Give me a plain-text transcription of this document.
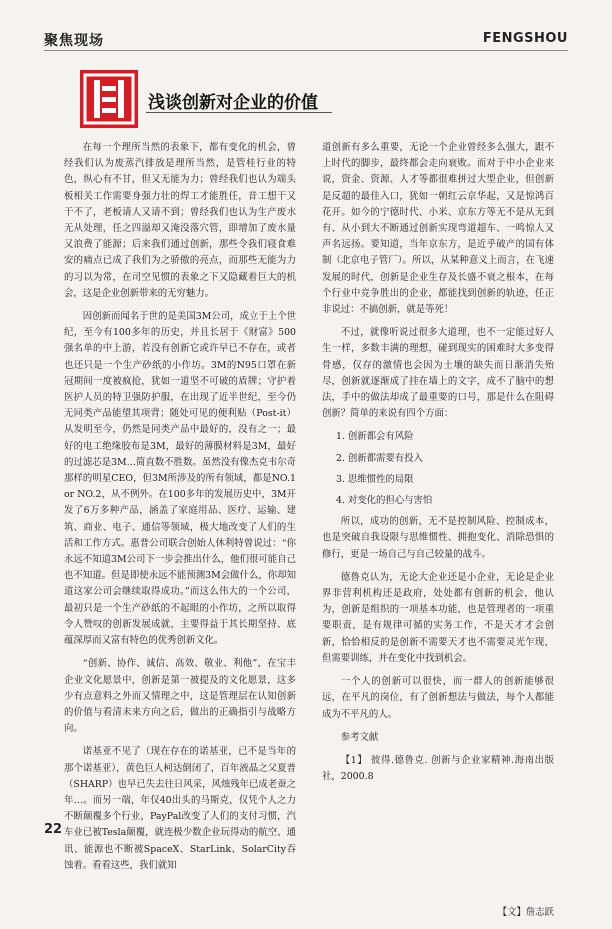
聚焦现场	FENGSHOU
浅谈创新对企业的价值

在每一个理所当然的表象下，都有变化的机会，曾经我们认为废蒸汽排放是理所当然，是管桂行业的特色，纵心有不甘，但又无能为力；曾经我们也认为端头板相关工作需要身强力壮的焊工才能胜任，昔工想干又干不了，老板请人又请不到；曾经我们也认为生产废水无从处理，任之四溢却又淹没落穴管，即增加了废水量又浪费了能源；后来我们通过创新，那些令我们寝食难安的痛点已成了我们为之骄傲的亮点，而那些无能为力的习以为常，在司空见惯的表象之下又隐藏着巨大的机会，这是企业创新带来的无穷魅力。

因创新而闻名于世的是美国3M公司，成立于上个世纪，至今有100多年的历史，并且长居于《财富》500强名单的中上游，若没有创新它或许早已不存在，或者也还只是一个生产砂纸的小作坊。3M的N95口罩在新冠期间一度被疯抢，犹如一道坚不可破的盾牌；守护着医护人员的特卫强防护服，在出现了近半世纪，至今仍无同类产品能望其项背；随处可见的便利贴（Post-it）从发明至今，仍然是同类产品中最好的，没有之一；最好的电工绝缘胶布是3M，最好的薄膜材料是3M，最好的过滤芯是3M…简直数不胜数。虽然没有像杰克韦尔奇那样的明星CEO，但3M所涉及的所有领域，都是NO.1 or NO.2，从不例外。在100多年的发展历史中，3M开发了6万多种产品，涵盖了家庭用品、医疗、运输、建筑、商业、电子、通信等领域，极大地改变了人们的生活和工作方式。惠普公司联合创始人休利特曾说过：“你永远不知道3M公司下一步会推出什么，他们很可能自己也不知道。但是即使永远不能预测3M会做什么，你却知道这家公司会继续取得成功。”而这么伟大的一个公司，最初只是一个生产砂纸的不起眼的小作坊，之所以取得令人赞叹的创新发展成就，主要得益于其长期坚持、底蕴深厚而又富有特色的优秀创新文化。

“创新、协作、诚信、高效、敬业、利他”，在宝丰企业文化愿景中，创新是第一被提及的文化愿景，这多少有点意料之外而又情理之中，这是管理层在认知创新的价值与看清未来方向之后，做出的正确指引与战略方向。

诺基亚不见了（现在存在的诺基亚，已不是当年的那个诺基亚），黄色巨人柯达倒闭了，百年液晶之父夏普（SHARP）也早已失去往日风采，风烛残年已成老蚕之年…。而另一端，年仅40出头的马斯克，仅凭个人之力不断颠覆多个行业，PayPal改变了人们的支付习惯，汽车业已被Tesla颠覆，就连极少数企业玩得动的航空、通讯、能源也不断被SpaceX、StarLink、SolarCity吞蚀着。看看这些，我们就知

道创新有多么重要，无论一个企业曾经多么强大，跟不上时代的脚步，最终都会走向衰败。而对于中小企业来说，资金、资源、人才等都很难拼过大型企业，但创新是反超的最佳入口，犹如一朝红云京华起，又是惊鸿百花开。如今的宁德时代、小米、京东方等无不是从无到有、从小到大不断通过创新实现弯道超车、一鸣惊人又声名远扬。要知道，当年京东方，是近乎破产的国有体制（北京电子管厂）。所以，从某种意义上而言，在飞速发展的时代，创新是企业生存及长盛不衰之根本，在每个行业中竞争胜出的企业，都能找到创新的轨迹，任正非说过：不搞创新，就是等死！

不过，就像听说过很多大道理，也不一定能过好人生一样，多数丰满的理想，碰到现实的困难时大多变得骨感，仅存的激情也会因为土壤的缺失而日渐消失殆尽，创新就逐渐成了挂在墙上的文字，成不了脑中的想法，手中的做法却成了最重要的口号，那是什么在阻碍创新？简单的来说有四个方面：

1. 创新都会有风险

2. 创新都需要有投入

3. 思维惯性的局限

4. 对变化的担心与害怕

所以，成功的创新，无不是控制风险、控制成本，也是突破自我设限与思维惯性、拥抱变化、消除恐惧的修行，更是一场自己与自己较量的战斗。

德鲁克认为，无论大企业还是小企业，无论是企业界非营利机构还是政府，处处都有创新的机会，他认为，创新是组织的一项基本功能，也是管理者的一项重要职责，是有规律可循的实务工作，不是天才才会创新，恰恰相反的是创新不需要天才也不需要灵光乍现，但需要训练，并在变化中找到机会。

一个人的创新可以很快，而一群人的创新能够很远，在平凡的岗位，有了创新想法与做法，每个人都能成为不平凡的人。

参考文献

【1】 彼得.德鲁克. 创新与企业家精神.海南出版社，2000.8

【文】詹志跃

22
